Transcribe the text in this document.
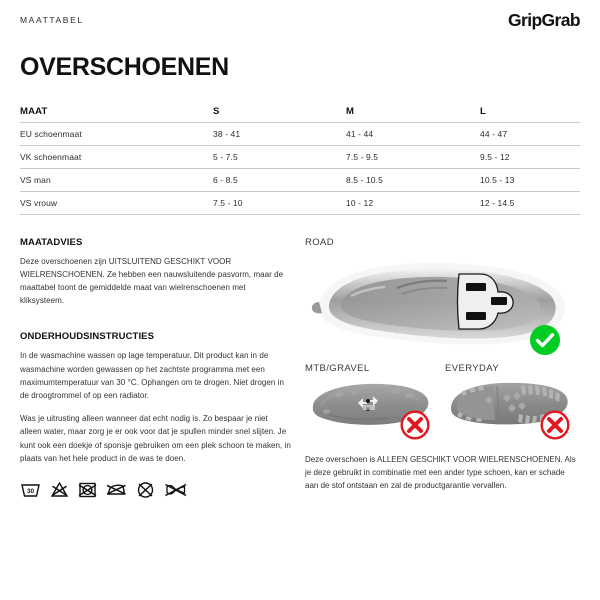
MAATTABEL	GripGrab
OVERSCHOENEN
MAAT	S	M	L
EU schoenmaat	38 - 41	41 - 44	44 - 47
VK schoenmaat	5 - 7.5	7.5 - 9.5	9.5 - 12
VS man	6 - 8.5	8.5 - 10.5	10.5 - 13
VS vrouw	7.5 - 10	10 - 12	12 - 14.5
MAATADVIES

Deze overschoenen zijn UITSLUITEND GESCHIKT VOOR WIELRENSCHOENEN. Ze hebben een nauwsluitende pasvorm, maar de maattabel toont de gemiddelde maat van wielrenschoenen met kliksysteem.

ONDERHOUDSINSTRUCTIES

In de wasmachine wassen op lage temperatuur. Dit product kan in de wasmachine worden gewassen op het zachtste programma met een maximumtemperatuur van 30 °C. Ophangen om te drogen. Niet drogen in de droogtrommel of op een radiator.

Was je uitrusting alleen wanneer dat echt nodig is. Zo bespaar je niet alleen water, maar zorg je er ook voor dat je spullen minder snel slijten. Je kunt ook een doekje of sponsje gebruiken om een plek schoon te maken, in plaats van het hele product in de was te doen.

30
ROAD
MTB/GRAVEL	EVERYDAY

Deze overschoen is ALLEEN GESCHIKT VOOR WIELRENSCHOENEN. Als je deze gebruikt in combinatie met een ander type schoen, kan er schade aan de stof ontstaan en zal de productgarantie vervallen.
